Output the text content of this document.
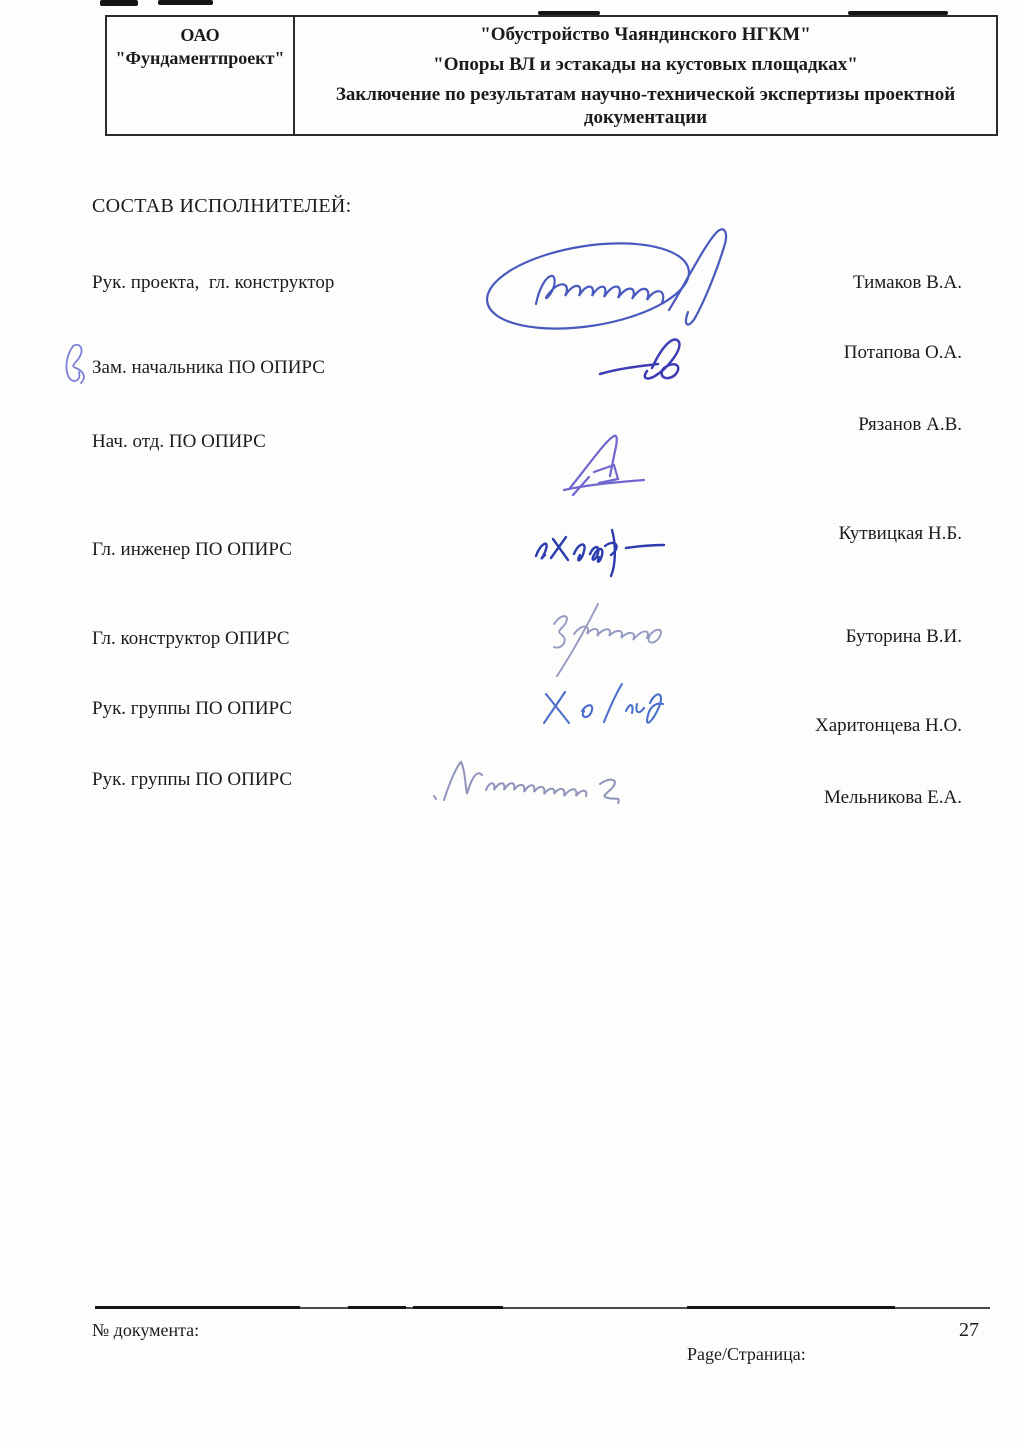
ОАО
"Фундаментпроект"
"Обустройство Чаяндинского НГКМ"
"Опоры ВЛ и эстакады на кустовых площадках"
Заключение по результатам научно-технической экспертизы проектной документации
СОСТАВ ИСПОЛНИТЕЛЕЙ:
Рук. проекта,  гл. конструктор
Зам. начальника ПО ОПИРС
Нач. отд. ПО ОПИРС
Гл. инженер ПО ОПИРС
Гл. конструктор ОПИРС
Рук. группы ПО ОПИРС
Рук. группы ПО ОПИРС
Тимаков В.А.
Потапова О.А.
Рязанов А.В.
Кутвицкая Н.Б.
Буторина В.И.
Харитонцева Н.О.
Мельникова Е.А.
№ документа:
Page/Страница:
27
